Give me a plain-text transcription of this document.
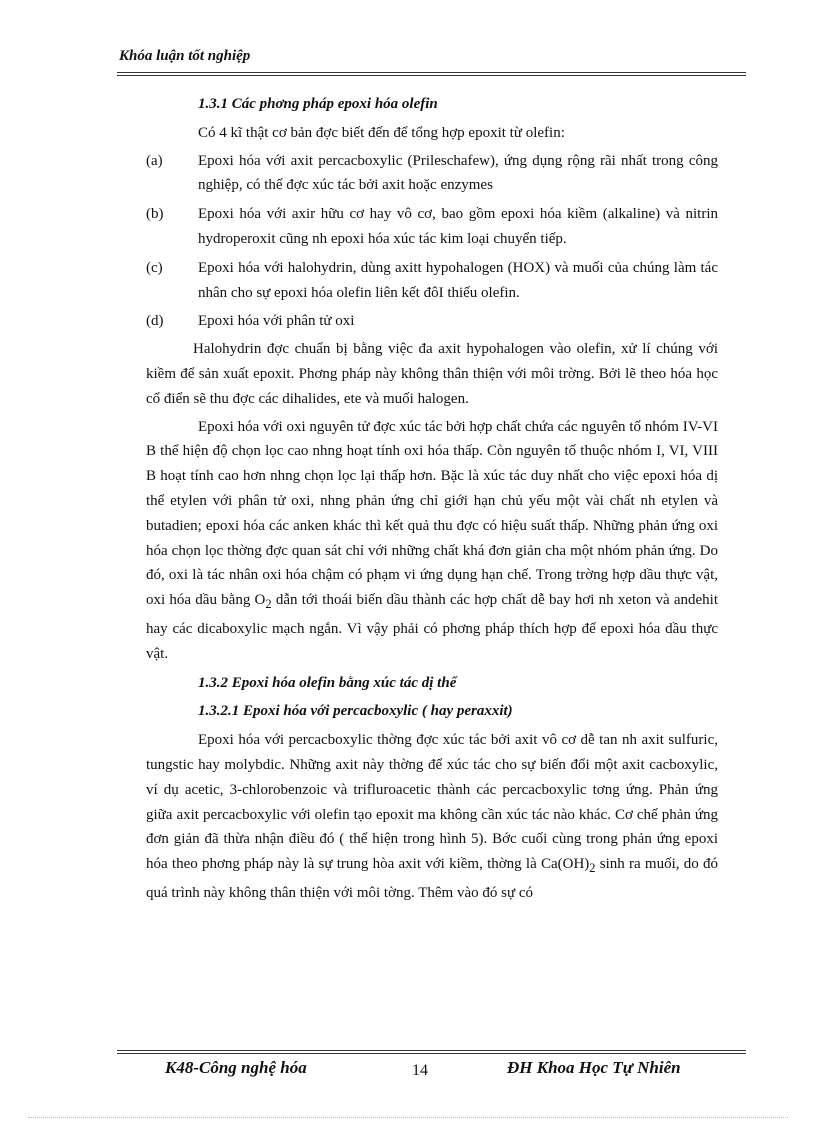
Khóa luận tốt nghiệp

1.3.1 Các phơng pháp epoxi hóa olefin

Có 4 kĩ thật cơ bản đợc biết đến để tổng hợp epoxit từ olefin:

(a)	Epoxi hóa với axit percacboxylic (Prileschafew), ứng dụng rộng rãi nhất trong công nghiệp, có thể đợc xúc tác bởi axit hoặc enzymes
(b)	Epoxi hóa với axir hữu cơ hay vô cơ, bao gồm epoxi hóa kiềm (alkaline) và nitrin hydroperoxit cũng nh epoxi hóa xúc tác kim loại chuyển tiếp.
(c)	Epoxi hóa với halohydrin, dùng axitt hypohalogen (HOX) và muối của chúng làm tác nhân cho sự epoxi hóa olefin liên kết đôI thiếu olefin.
(d)	Epoxi hóa với phân tử oxi

Halohydrin đợc chuẩn bị bằng việc đa axit hypohalogen vào olefin, xử lí chúng với kiềm để sản xuất epoxit. Phơng pháp này không thân thiện với môi trờng. Bởi lẽ theo hóa học cổ điển sẽ thu đợc các dihalides, ete và muối halogen.

Epoxi hóa với oxi nguyên tử đợc xúc tác bởi hợp chất chứa các nguyên tố nhóm IV-VI B thể hiện độ chọn lọc cao nhng hoạt tính oxi hóa thấp. Còn nguyên tố thuộc nhóm I, VI, VIII B hoạt tính cao hơn nhng chọn lọc lại thấp hơn. Bặc là xúc tác duy nhất cho việc epoxi hóa dị thể etylen với phân tử oxi, nhng phản ứng chỉ giới hạn chủ yếu một vài chất nh etylen và butadien; epoxi hóa các anken khác thì kết quả thu đợc có hiệu suất thấp. Những phản ứng oxi hóa chọn lọc thờng đợc quan sát chỉ với những chất khá đơn giản cha một nhóm phản ứng. Do đó, oxi là tác nhân oxi hóa chậm có phạm vi ứng dụng hạn chế. Trong trờng hợp dầu thực vật, oxi hóa dầu bằng $O_2$ dẫn tới thoái biến dầu thành các hợp chất dễ bay hơi nh xeton và andehit hay các dicaboxylic mạch ngắn. Vì vậy phải có phơng pháp thích hợp để epoxi hóa dầu thực vật.

1.3.2 Epoxi hóa olefin bằng xúc tác dị thể

1.3.2.1 Epoxi hóa với percacboxylic ( hay peraxxit)

Epoxi hóa với percacboxylic thờng đợc xúc tác bởi axit vô cơ dễ tan nh axit sulfuric, tungstic hay molybdic. Những axit này thờng để xúc tác cho sự biến đổi một axit cacboxylic, ví dụ acetic, 3-chlorobenzoic và trifluroacetic thành các percacboxylic tơng ứng. Phản ứng giữa axit percacboxylic với olefin tạo epoxit ma không cần xúc tác nào khác. Cơ chế phản ứng đơn giản đã thừa nhận điều đó ( thể hiện trong hình 5). Bớc cuối cùng trong phản ứng epoxi hóa theo phơng pháp này là sự trung hòa axit với kiềm, thờng là $Ca(OH)_2$ sinh ra muối, do đó quá trình này không thân thiện với môi tờng. Thêm vào đó sự có

K48-Công nghệ hóa	14	ĐH Khoa Học Tự Nhiên
